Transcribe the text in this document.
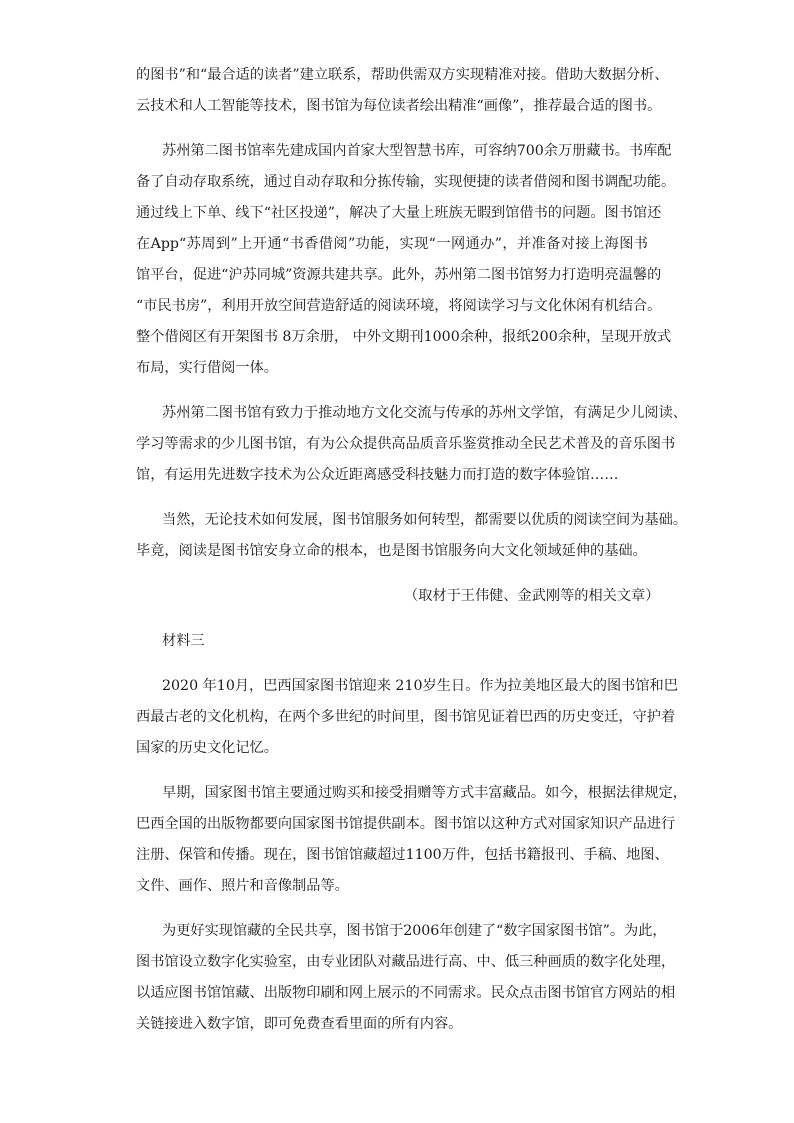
的图书”和“最合适的读者”建立联系，帮助供需双方实现精准对接。借助大数据分析、
云技术和人工智能等技术，图书馆为每位读者绘出精准“画像”，推荐最合适的图书。
苏州第二图书馆率先建成国内首家大型智慧书库，可容纳700余万册藏书。书库配
备了自动存取系统，通过自动存取和分拣传输，实现便捷的读者借阅和图书调配功能。
通过线上下单、线下“社区投递”，解决了大量上班族无暇到馆借书的问题。图书馆还
在App“苏周到”上开通“书香借阅”功能，实现“一网通办”，并准备对接上海图书
馆平台，促进“沪苏同城”资源共建共享。此外，苏州第二图书馆努力打造明亮温馨的
“市民书房”，利用开放空间营造舒适的阅读环境，将阅读学习与文化休闲有机结合。
整个借阅区有开架图书 8万余册， 中外文期刊1000余种，报纸200余种，呈现开放式
布局，实行借阅一体。
苏州第二图书馆有致力于推动地方文化交流与传承的苏州文学馆，有满足少儿阅读、
学习等需求的少儿图书馆，有为公众提供高品质音乐鉴赏推动全民艺术普及的音乐图书
馆，有运用先进数字技术为公众近距离感受科技魅力而打造的数字体验馆……
当然，无论技术如何发展，图书馆服务如何转型，都需要以优质的阅读空间为基础。
毕竟，阅读是图书馆安身立命的根本，也是图书馆服务向大文化领域延伸的基础。
（取材于王伟健、金武刚等的相关文章）
材料三
2020 年10月，巴西国家图书馆迎来 210岁生日。作为拉美地区最大的图书馆和巴
西最古老的文化机构，在两个多世纪的时间里，图书馆见证着巴西的历史变迁，守护着
国家的历史文化记忆。
早期，国家图书馆主要通过购买和接受捐赠等方式丰富藏品。如今，根据法律规定，
巴西全国的出版物都要向国家图书馆提供副本。图书馆以这种方式对国家知识产品进行
注册、保管和传播。现在，图书馆馆藏超过1100万件，包括书籍报刊、手稿、地图、
文件、画作、照片和音像制品等。
为更好实现馆藏的全民共享，图书馆于2006年创建了“数字国家图书馆”。为此，
图书馆设立数字化实验室，由专业团队对藏品进行高、中、低三种画质的数字化处理，
以适应图书馆馆藏、出版物印刷和网上展示的不同需求。民众点击图书馆官方网站的相
关链接进入数字馆，即可免费查看里面的所有内容。
